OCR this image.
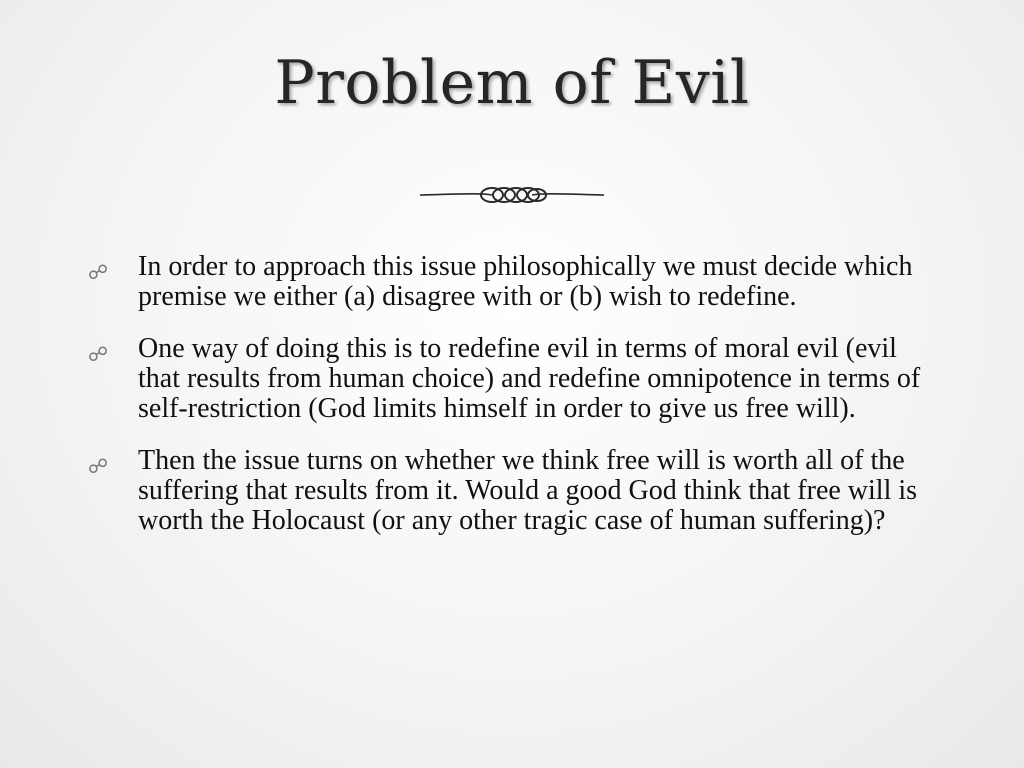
Problem of Evil
☍	In order to approach this issue philosophically we must decide which premise we either (a) disagree with or (b) wish to redefine.
☍	One way of doing this is to redefine evil in terms of moral evil (evil that results from human choice) and redefine omnipotence in terms of self-restriction (God limits himself in order to give us free will).
☍	Then the issue turns on whether we think free will is worth all of the suffering that results from it. Would a good God think that free will is worth the Holocaust (or any other tragic case of human suffering)?
